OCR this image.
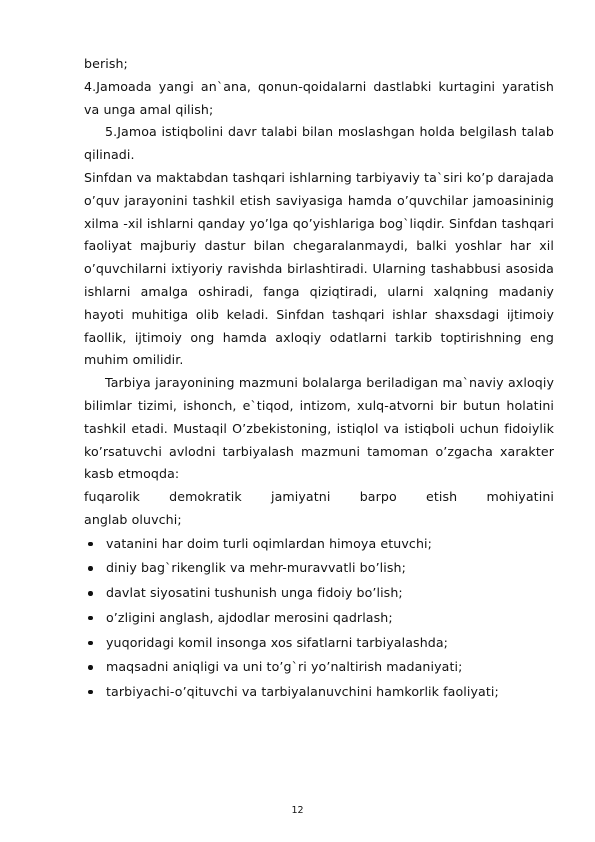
berish;

4.Jamoada yangi an`ana, qonun-qoidalarni dastlabki kurtagini yaratish va unga amal qilish;

5.Jamoa istiqbolini davr talabi bilan moslashgan holda belgilash talab qilinadi.

Sinfdan va maktabdan tashqari ishlarning tarbiyaviy ta`siri ko’p darajada o’quv jarayonini tashkil etish saviyasiga hamda o’quvchilar jamoasininig xilma -xil ishlarni qanday yo’lga qo’yishlariga bog`liqdir. Sinfdan tashqari faoliyat majburiy dastur bilan chegaralanmaydi, balki yoshlar har xil o’quvchilarni ixtiyoriy ravishda birlashtiradi. Ularning tashabbusi asosida ishlarni amalga oshiradi, fanga qiziqtiradi, ularni xalqning madaniy hayoti muhitiga olib keladi. Sinfdan tashqari ishlar shaxsdagi ijtimoiy faollik, ijtimoiy ong hamda axloqiy odatlarni tarkib toptirishning eng muhim omilidir.

Tarbiya jarayonining mazmuni bolalarga beriladigan ma`naviy axloqiy bilimlar tizimi, ishonch, e`tiqod, intizom, xulq-atvorni bir butun holatini tashkil etadi. Mustaqil O’zbekistoning, istiqlol va istiqboli uchun fidoiylik ko’rsatuvchi avlodni tarbiyalash mazmuni tamoman o’zgacha xarakter kasb etmoqda:

fuqarolik demokratik jamiyatni barpo etish mohiyatini

anglab oluvchi;

vatanini har doim turli oqimlardan himoya etuvchi;
diniy bag`rikenglik va mehr-muravvatli bo’lish;
davlat siyosatini tushunish unga fidoiy bo’lish;
o’zligini anglash, ajdodlar merosini qadrlash;
yuqoridagi komil insonga xos sifatlarni tarbiyalashda;
maqsadni aniqligi va uni to’g`ri yo’naltirish madaniyati;
tarbiyachi-o’qituvchi va tarbiyalanuvchini hamkorlik faoliyati;
12
